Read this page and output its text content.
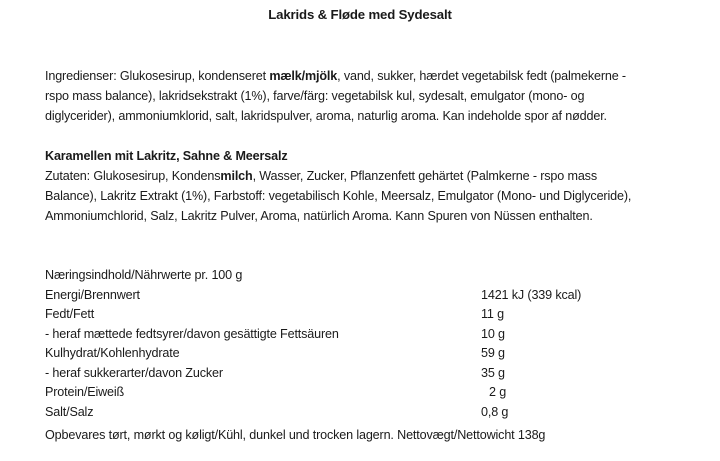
Lakrids & Fløde med Sydesalt
Ingredienser: Glukosesirup, kondenseret mælk/mjölk, vand, sukker, hærdet vegetabilsk fedt (palmekerne -
rspo mass balance), lakridsekstrakt (1%), farve/färg: vegetabilsk kul, sydesalt, emulgator (mono- og
diglycerider), ammoniumklorid, salt, lakridspulver, aroma, naturlig aroma. Kan indeholde spor af nødder.
Karamellen mit Lakritz, Sahne & Meersalz
Zutaten: Glukosesirup, Kondensmilch, Wasser, Zucker, Pflanzenfett gehärtet (Palmkerne - rspo mass
Balance), Lakritz Extrakt (1%), Farbstoff: vegetabilisch Kohle, Meersalz, Emulgator (Mono- und Diglyceride),
Ammoniumchlorid, Salz, Lakritz Pulver, Aroma, natürlich Aroma. Kann Spuren von Nüssen enthalten.
Næringsindhold/Nährwerte pr. 100 g
Energi/Brennwert	1421 kJ (339 kcal)
Fedt/Fett	11 g
- heraf mættede fedtsyrer/davon gesättigte Fettsäuren	10 g
Kulhydrat/Kohlenhydrate	59 g
- heraf sukkerarter/davon Zucker	35 g
Protein/Eiweiß	2 g
Salt/Salz	0,8 g
Opbevares tørt, mørkt og køligt/Kühl, dunkel und trocken lagern. Nettovægt/Nettowicht 138g
